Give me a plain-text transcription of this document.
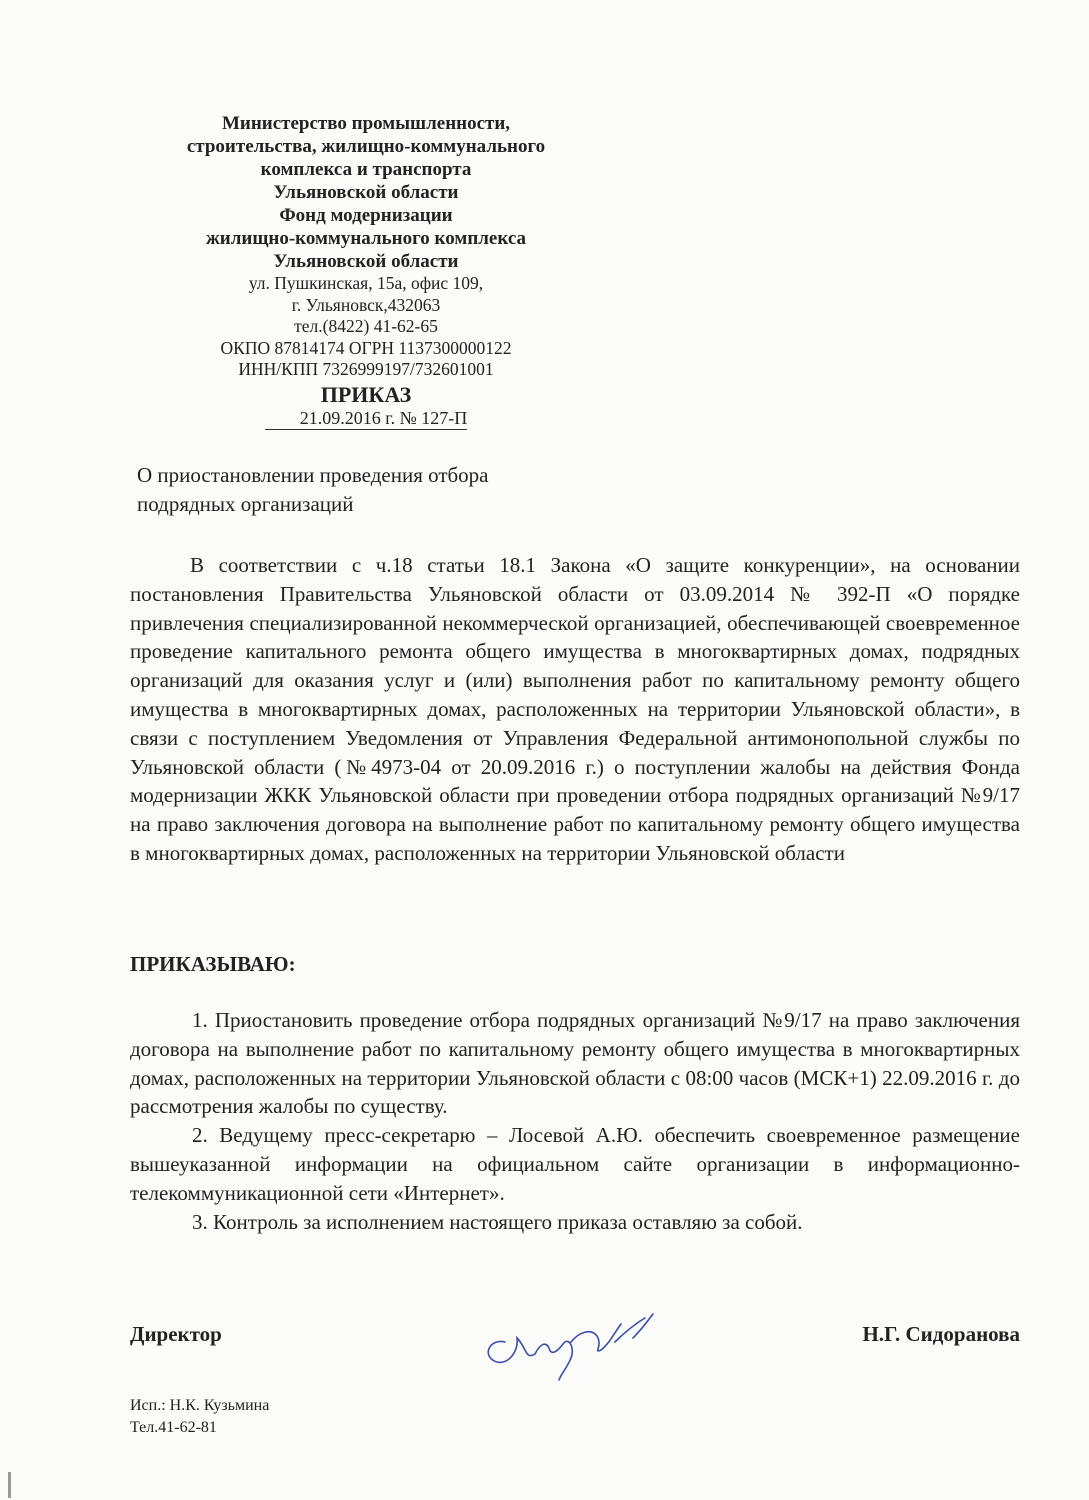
Министерство промышленности,
строительства, жилищно-коммунального
комплекса и транспорта
Ульяновской области
Фонд модернизации
жилищно-коммунального комплекса
Ульяновской области
ул. Пушкинская, 15а, офис 109,
г. Ульяновск,432063
тел.(8422) 41-62-65
ОКПО 87814174 ОГРН 1137300000122
ИНН/КПП 7326999197/732601001
ПРИКАЗ
21.09.2016 г. № 127-П
О приостановлении проведения отбора
подрядных организаций

В соответствии с ч.18 статьи 18.1 Закона «О защите конкуренции», на основании постановления Правительства Ульяновской области от 03.09.2014 № 392-П «О порядке привлечения специализированной некоммерческой организацией, обеспечивающей своевременное проведение капитального ремонта общего имущества в многоквартирных домах, подрядных организаций для оказания услуг и (или) выполнения работ по капитальному ремонту общего имущества в многоквартирных домах, расположенных на территории Ульяновской области», в связи с поступлением Уведомления от Управления Федеральной антимонопольной службы по Ульяновской области (№4973-04 от 20.09.2016 г.) о поступлении жалобы на действия Фонда модернизации ЖКК Ульяновской области при проведении отбора подрядных организаций №9/17 на право заключения договора на выполнение работ по капитальному ремонту общего имущества в многоквартирных домах, расположенных на территории Ульяновской области

ПРИКАЗЫВАЮ:

1. Приостановить проведение отбора подрядных организаций №9/17 на право заключения договора на выполнение работ по капитальному ремонту общего имущества в многоквартирных домах, расположенных на территории Ульяновской области с 08:00 часов (МСК+1) 22.09.2016 г. до рассмотрения жалобы по существу.

2. Ведущему пресс-секретарю – Лосевой А.Ю. обеспечить своевременное размещение вышеуказанной информации на официальном сайте организации в информационно-телекоммуникационной сети «Интернет».

3. Контроль за исполнением настоящего приказа оставляю за собой.

Директор	Н.Г. Сидоранова
Исп.: Н.К. Кузьмина
Тел.41-62-81
